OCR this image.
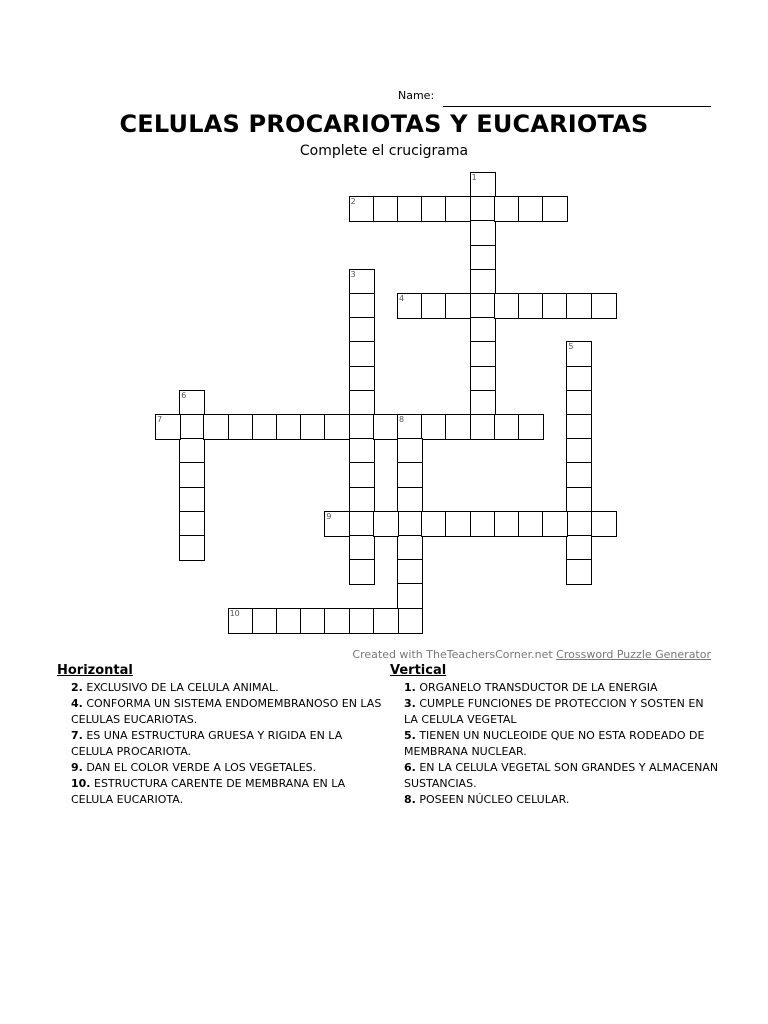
Name:
CELULAS PROCARIOTAS Y EUCARIOTAS
Complete el crucigrama
1
2
3
4
5
6
7	8
9
10
Created with TheTeachersCorner.net Crossword Puzzle Generator
Horizontal
2. EXCLUSIVO DE LA CELULA ANIMAL.
4. CONFORMA UN SISTEMA ENDOMEMBRANOSO EN LAS CELULAS EUCARIOTAS.
7. ES UNA ESTRUCTURA GRUESA Y RIGIDA EN LA CELULA PROCARIOTA.
9. DAN EL COLOR VERDE A LOS VEGETALES.
10. ESTRUCTURA CARENTE DE MEMBRANA EN LA CELULA EUCARIOTA.
Vertical
1. ORGANELO TRANSDUCTOR DE LA ENERGIA
3. CUMPLE FUNCIONES DE PROTECCION Y SOSTEN EN LA CELULA VEGETAL
5. TIENEN UN NUCLEOIDE QUE NO ESTA RODEADO DE MEMBRANA NUCLEAR.
6. EN LA CELULA VEGETAL SON GRANDES Y ALMACENAN SUSTANCIAS.
8. POSEEN NÚCLEO CELULAR.
